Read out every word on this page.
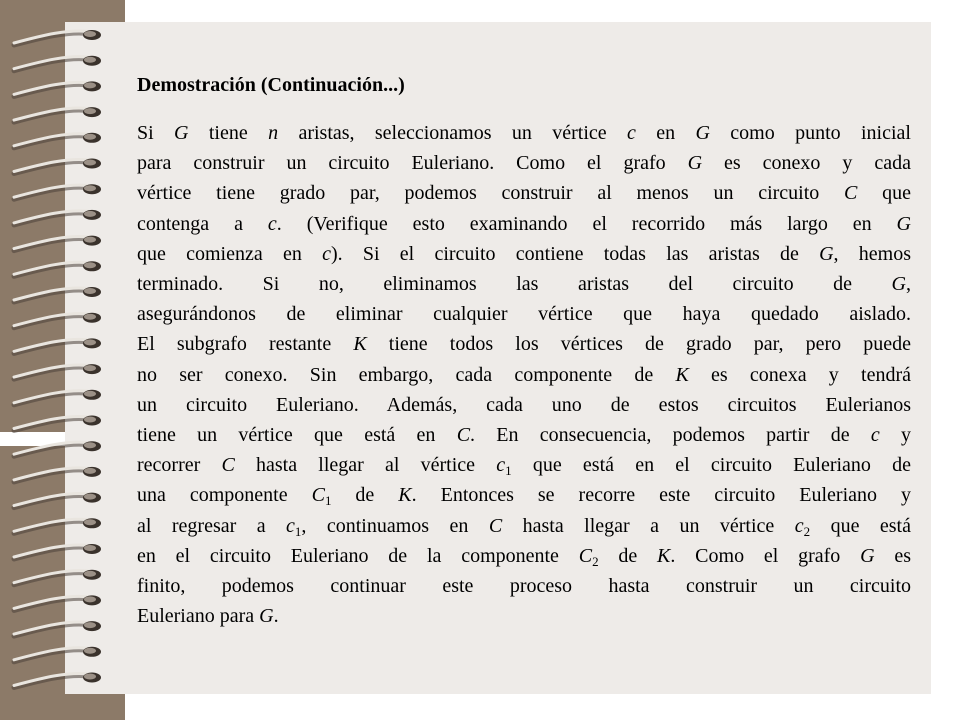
Demostración (Continuación...)
Si G tiene n aristas, seleccionamos un vértice c en G como punto inicial
para construir un circuito Euleriano. Como el grafo G es conexo y cada
vértice tiene grado par, podemos construir al menos un circuito C que
contenga a c. (Verifique esto examinando el recorrido más largo en G
que comienza en c). Si el circuito contiene todas las aristas de G, hemos
terminado. Si no, eliminamos las aristas del circuito de G,
asegurándonos de eliminar cualquier vértice que haya quedado aislado.
El subgrafo restante K tiene todos los vértices de grado par, pero puede
no ser conexo. Sin embargo, cada componente de K es conexa y tendrá
un circuito Euleriano. Además, cada uno de estos circuitos Eulerianos
tiene un vértice que está en C. En consecuencia, podemos partir de c y
recorrer C hasta llegar al vértice $c_1$ que está en el circuito Euleriano de
una componente $C_1$ de K. Entonces se recorre este circuito Euleriano y
al regresar a $c_1$, continuamos en C hasta llegar a un vértice $c_2$ que está
en el circuito Euleriano de la componente $C_2$ de K. Como el grafo G es
finito, podemos continuar este proceso hasta construir un circuito
Euleriano para G.
